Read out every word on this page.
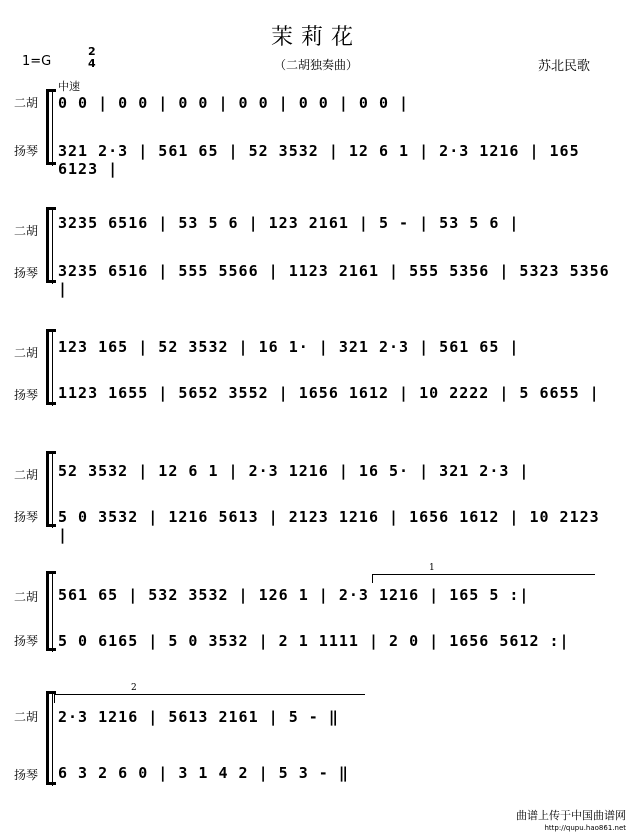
茉莉花
（二胡独奏曲）	苏北民歌
1=G
2
4
中速
二胡
扬琴
0 0 | 0 0 | 0 0 | 0 0 | 0 0 | 0 0 |
321 2·3 | 561 65 | 52 3532 | 12 6 1 | 2·3 1216 | 165 6123 |
二胡
扬琴
3235 6516 | 53 5 6 | 123 2161 | 5 - | 53 5 6 |
3235 6516 | 555 5566 | 1123 2161 | 555 5356 | 5323 5356 |
二胡
扬琴
123 165 | 52 3532 | 16 1· | 321 2·3 | 561 65 |
1123 1655 | 5652 3552 | 1656 1612 | 10 2222 | 5 6655 |
二胡
扬琴
52 3532 | 12 6 1 | 2·3 1216 | 16 5· | 321 2·3 |
5 0 3532 | 1216 5613 | 2123 1216 | 1656 1612 | 10 2123 |
1
二胡
扬琴
561 65 | 532 3532 | 126 1 | 2·3 1216 | 165 5 :|
5 0 6165 | 5 0 3532 | 2 1 1111 | 2 0 | 1656 5612 :|
2
二胡
扬琴
2·3 1216 | 5613 2161 | 5 - ‖
6 3 2 6 0 | 3 1 4 2 | 5 3 - ‖
曲谱上传于中国曲谱网
http://qupu.hao861.net
